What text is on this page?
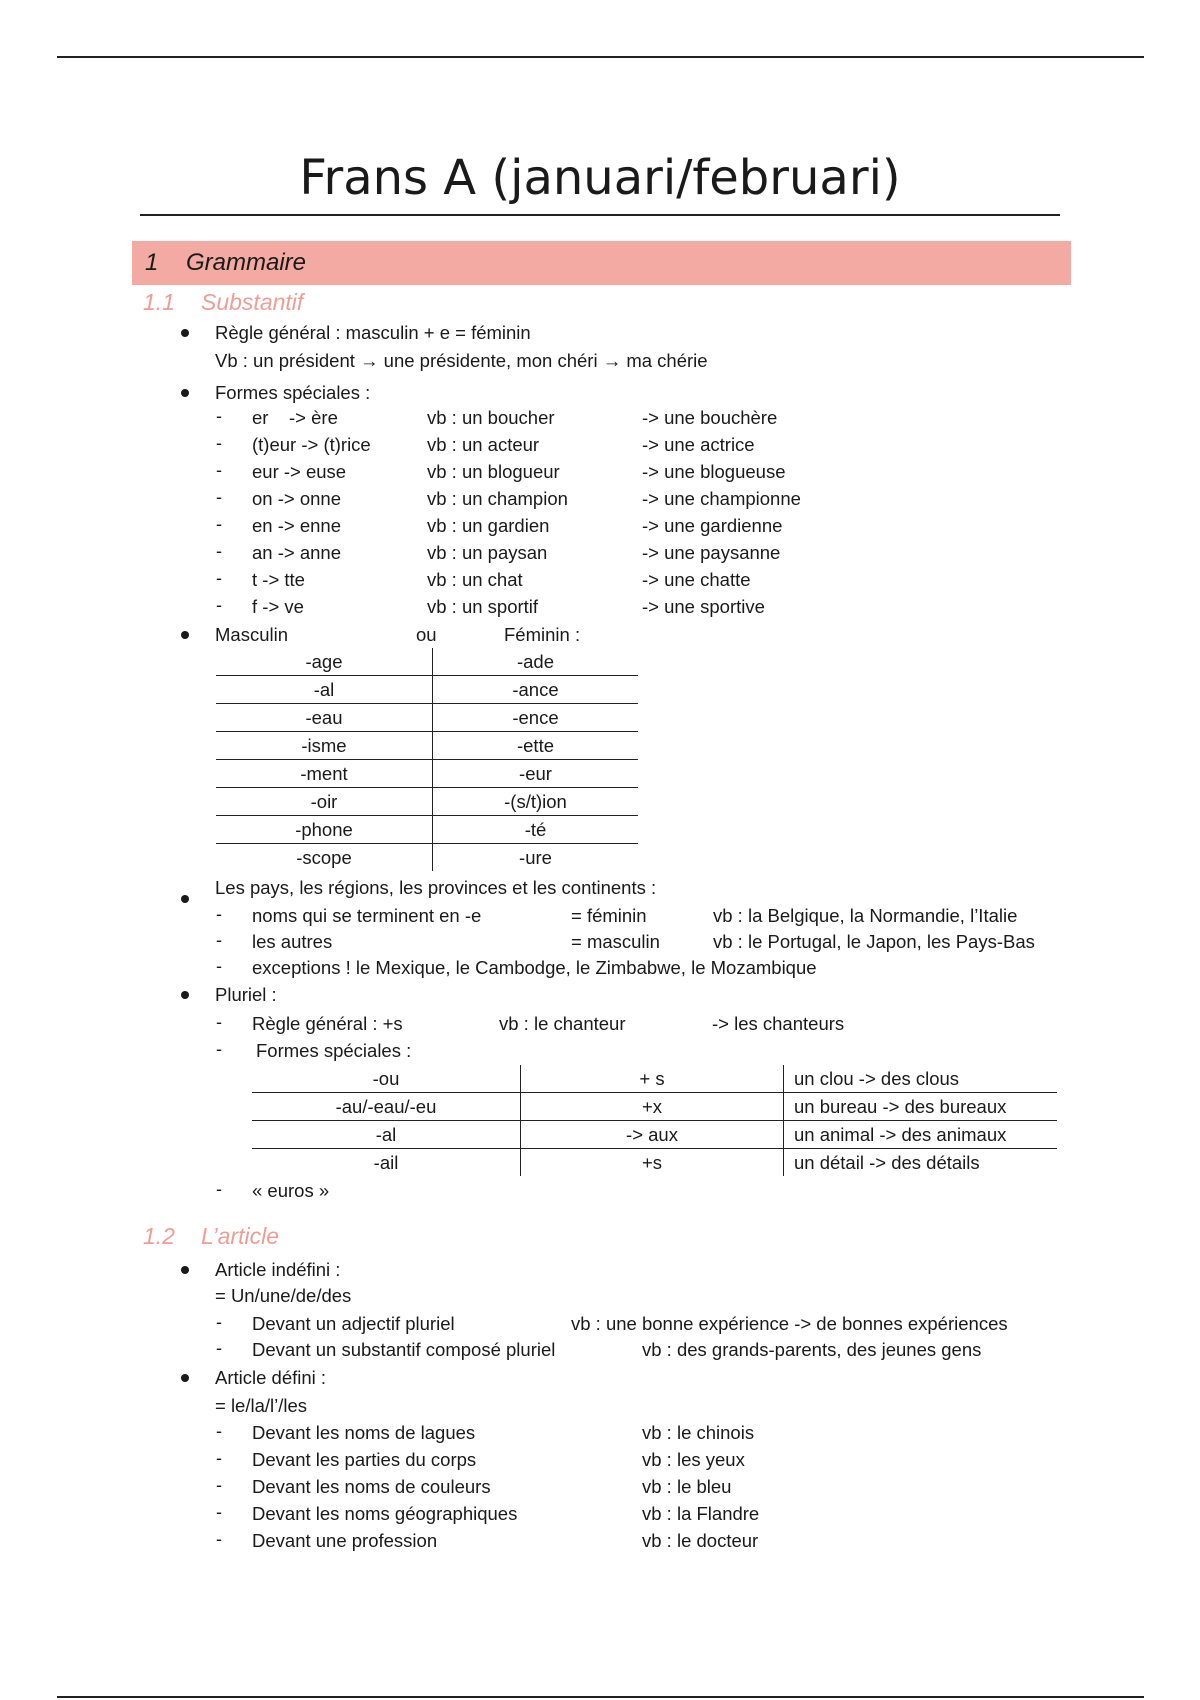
Frans A (januari/februari)
1 Grammaire
1.1 Substantif
Règle général : masculin + e = féminin
Vb : un président → une présidente, mon chéri → ma chérie
Formes spéciales :
- er    -> ère	vb : un boucher	-> une bouchère
- (t)eur -> (t)rice	vb : un acteur	-> une actrice
- eur -> euse	vb : un blogueur	-> une blogueuse
- on -> onne	vb : un champion	-> une championne
- en -> enne	vb : un gardien	-> une gardienne
- an -> anne	vb : un paysan	-> une paysanne
- t -> tte	vb : un chat	-> une chatte
- f -> ve	vb : un sportif	-> une sportive
Masculin	ou	Féminin :
-age	-ade
-al	-ance
-eau	-ence
-isme	-ette
-ment	-eur
-oir	-(s/t)ion
-phone	-té
-scope	-ure
Les pays, les régions, les provinces et les continents :
- noms qui se terminent en -e	= féminin	vb : la Belgique, la Normandie, l’Italie
- les autres	= masculin	vb : le Portugal, le Japon, les Pays-Bas
- exceptions ! le Mexique, le Cambodge, le Zimbabwe, le Mozambique
Pluriel :
- Règle général : +s	vb : le chanteur	-> les chanteurs
- Formes spéciales :
-ou	+ s	un clou -> des clous
-au/-eau/-eu	+x	un bureau -> des bureaux
-al	-> aux	un animal -> des animaux
-ail	+s	un détail -> des détails
- « euros »
1.2 L’article
Article indéfini :
= Un/une/de/des
- Devant un adjectif pluriel	vb : une bonne expérience -> de bonnes expériences
- Devant un substantif composé pluriel	vb : des grands-parents, des jeunes gens
Article défini :
= le/la/l’/les
- Devant les noms de lagues	vb : le chinois
- Devant les parties du corps	vb : les yeux
- Devant les noms de couleurs	vb : le bleu
- Devant les noms géographiques	vb : la Flandre
- Devant une profession	vb : le docteur
